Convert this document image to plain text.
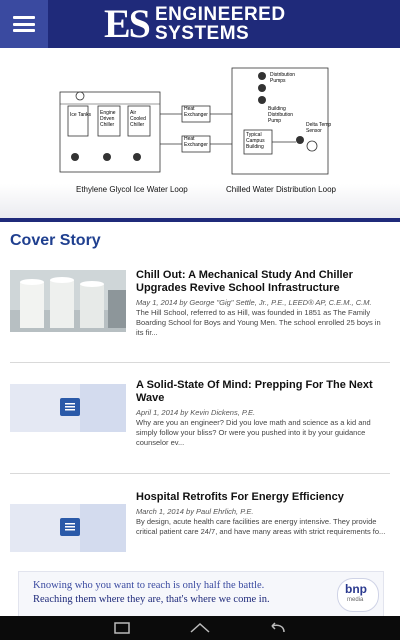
ES ENGINEERED
SYSTEMS
Ice Tanks Engine Driven Chiller
Air Cooled Chiller
Heat Exchanger
Heat Exchanger
Distribution Pumps
Building Distribution Pump
Typical Campus Building
Delta Temp Sensor
Ethylene Glycol Ice Water Loop	Chilled Water Distribution Loop
Cover Story
Chill Out: A Mechanical Study And Chiller Upgrades Revive School Infrastructure
May 1, 2014 by George "Gig" Settle, Jr., P.E., LEED® AP, C.E.M., C.M.
The Hill School, referred to as Hill, was founded in 1851 as The Family Boarding School for Boys and Young Men. The school enrolled 25 boys in its fir...
A Solid-State Of Mind: Prepping For The Next Wave
April 1, 2014 by Kevin Dickens, P.E.
Why are you an engineer? Did you love math and science as a kid and simply follow your bliss? Or were you pushed into it by your guidance counselor ev...
Hospital Retrofits For Energy Efficiency
March 1, 2014 by Paul Ehrlich, P.E.
By design, acute health care facilities are energy intensive. They provide critical patient care 24/7, and have many areas with strict requirements fo...
Knowing who you want to reach is only half the battle.
Reaching them where they are, that's where we come in.
bnp
media
